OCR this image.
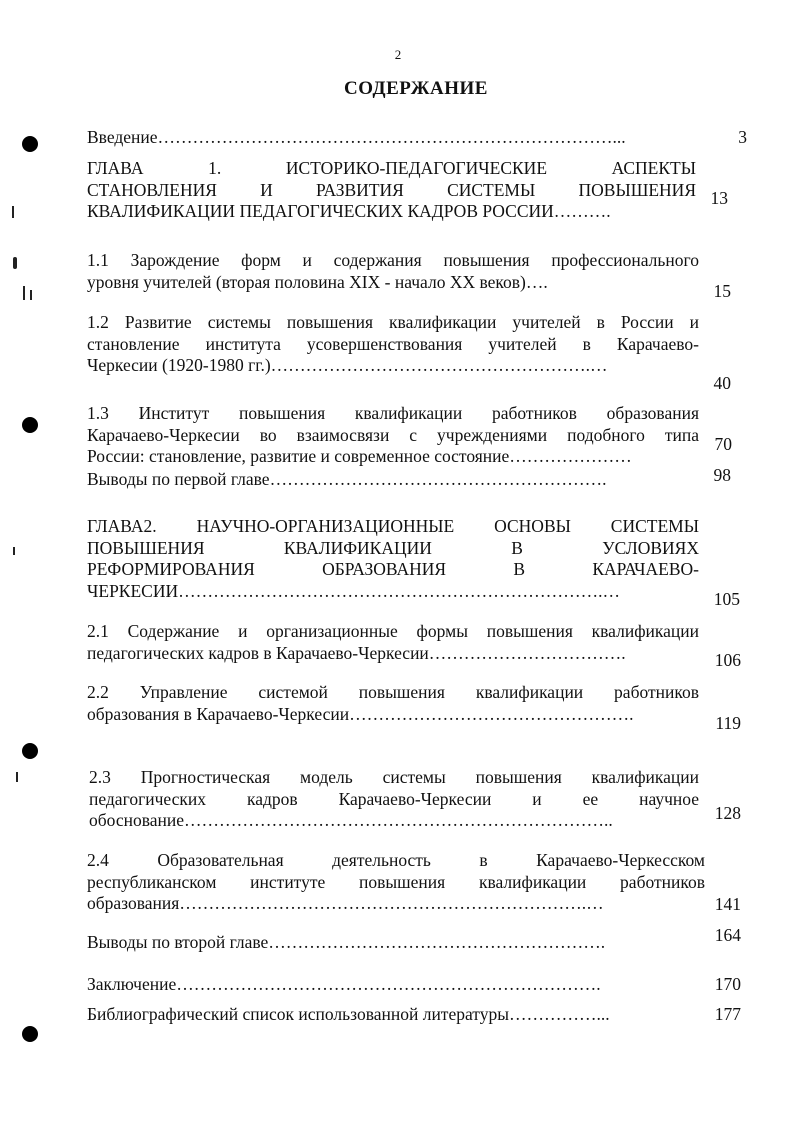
2
СОДЕРЖАНИЕ
Введение……………………………………………………………………...	3
ГЛАВА 1. ИСТОРИКО-ПЕДАГОГИЧЕСКИЕ АСПЕКТЫ
СТАНОВЛЕНИЯ И РАЗВИТИЯ СИСТЕМЫ ПОВЫШЕНИЯ
КВАЛИФИКАЦИИ ПЕДАГОГИЧЕСКИХ КАДРОВ РОССИИ……….
13
1.1 Зарождение форм и содержания повышения профессионального
уровня учителей (вторая половина XIX - начало XX веков)….	15
1.2 Развитие системы повышения квалификации учителей в России и
становление института усовершенствования учителей в Карачаево-
Черкесии (1920-1980 гг.)……………………………………………….…
40
1.3 Институт повышения квалификации работников образования
Карачаево-Черкесии во взаимосвязи с учреждениями подобного типа
России: становление, развитие и современное состояние…………………
70
Выводы по первой главе………………………………………………….	98
ГЛАВА2. НАУЧНО-ОРГАНИЗАЦИОННЫЕ ОСНОВЫ СИСТЕМЫ
ПОВЫШЕНИЯ КВАЛИФИКАЦИИ В УСЛОВИЯХ
РЕФОРМИРОВАНИЯ ОБРАЗОВАНИЯ В КАРАЧАЕВО-
ЧЕРКЕСИИ……………………………………………………………….…	105
2.1 Содержание и организационные формы повышения квалификации
педагогических кадров в Карачаево-Черкесии…………………………….	106
2.2 Управление системой повышения квалификации работников
образования в Карачаево-Черкесии………………………………………….	119
2.3 Прогностическая модель системы повышения квалификации
педагогических кадров Карачаево-Черкесии и ее научное
обоснование………………………………………………………………..	128
2.4 Образовательная деятельность в Карачаево-Черкесском
республиканском институте повышения квалификации работников
образования…………………………………………………………….…	141
Выводы по второй главе………………………………………………….	164
Заключение……………………………………………………………….	170
Библиографический список использованной литературы……………...	177
